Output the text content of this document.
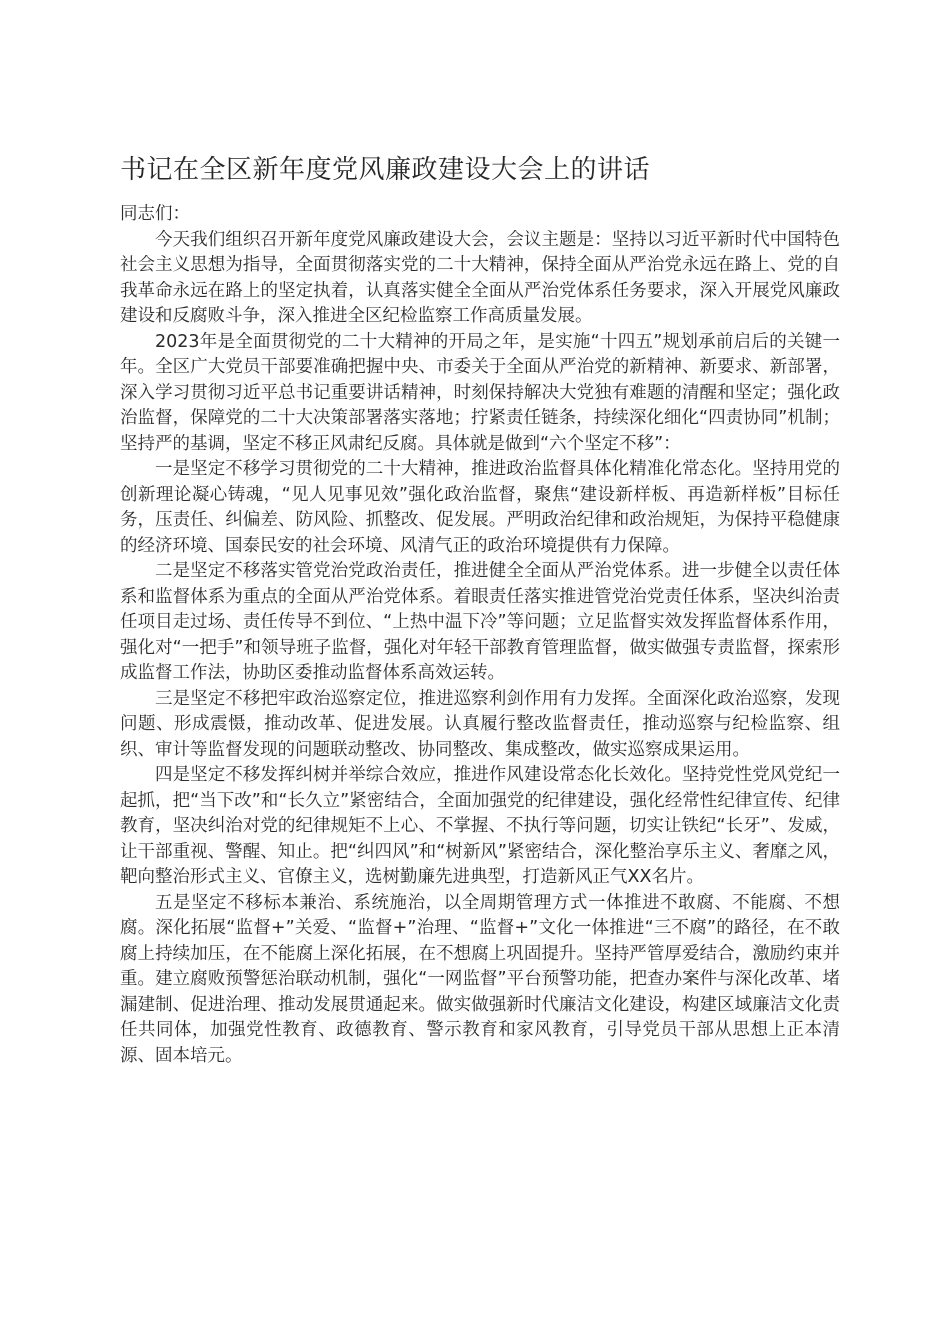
书记在全区新年度党风廉政建设大会上的讲话

同志们：

今天我们组织召开新年度党风廉政建设大会，会议主题是：坚持以习近平新时代中国特色社会主义思想为指导，全面贯彻落实党的二十大精神，保持全面从严治党永远在路上、党的自我革命永远在路上的坚定执着，认真落实健全全面从严治党体系任务要求，深入开展党风廉政建设和反腐败斗争，深入推进全区纪检监察工作高质量发展。

2023年是全面贯彻党的二十大精神的开局之年，是实施“十四五”规划承前启后的关键一年。全区广大党员干部要准确把握中央、市委关于全面从严治党的新精神、新要求、新部署，深入学习贯彻习近平总书记重要讲话精神，时刻保持解决大党独有难题的清醒和坚定；强化政治监督，保障党的二十大决策部署落实落地；拧紧责任链条，持续深化细化“四责协同”机制；坚持严的基调，坚定不移正风肃纪反腐。具体就是做到“六个坚定不移”：

一是坚定不移学习贯彻党的二十大精神，推进政治监督具体化精准化常态化。坚持用党的创新理论凝心铸魂，“见人见事见效”强化政治监督，聚焦“建设新样板、再造新样板”目标任务，压责任、纠偏差、防风险、抓整改、促发展。严明政治纪律和政治规矩，为保持平稳健康的经济环境、国泰民安的社会环境、风清气正的政治环境提供有力保障。

二是坚定不移落实管党治党政治责任，推进健全全面从严治党体系。进一步健全以责任体系和监督体系为重点的全面从严治党体系。着眼责任落实推进管党治党责任体系，坚决纠治责任项目走过场、责任传导不到位、“上热中温下冷”等问题；立足监督实效发挥监督体系作用，强化对“一把手”和领导班子监督，强化对年轻干部教育管理监督，做实做强专责监督，探索形成监督工作法，协助区委推动监督体系高效运转。

三是坚定不移把牢政治巡察定位，推进巡察利剑作用有力发挥。全面深化政治巡察，发现问题、形成震慑，推动改革、促进发展。认真履行整改监督责任，推动巡察与纪检监察、组织、审计等监督发现的问题联动整改、协同整改、集成整改，做实巡察成果运用。

四是坚定不移发挥纠树并举综合效应，推进作风建设常态化长效化。坚持党性党风党纪一起抓，把“当下改”和“长久立”紧密结合，全面加强党的纪律建设，强化经常性纪律宣传、纪律教育，坚决纠治对党的纪律规矩不上心、不掌握、不执行等问题，切实让铁纪“长牙”、发威，让干部重视、警醒、知止。把“纠四风”和“树新风”紧密结合，深化整治享乐主义、奢靡之风，靶向整治形式主义、官僚主义，选树勤廉先进典型，打造新风正气XX名片。

五是坚定不移标本兼治、系统施治，以全周期管理方式一体推进不敢腐、不能腐、不想腐。深化拓展“监督+”关爱、“监督+”治理、“监督+”文化一体推进“三不腐”的路径，在不敢腐上持续加压，在不能腐上深化拓展，在不想腐上巩固提升。坚持严管厚爱结合，激励约束并重。建立腐败预警惩治联动机制，强化“一网监督”平台预警功能，把查办案件与深化改革、堵漏建制、促进治理、推动发展贯通起来。做实做强新时代廉洁文化建设，构建区域廉洁文化责任共同体，加强党性教育、政德教育、警示教育和家风教育，引导党员干部从思想上正本清源、固本培元。
